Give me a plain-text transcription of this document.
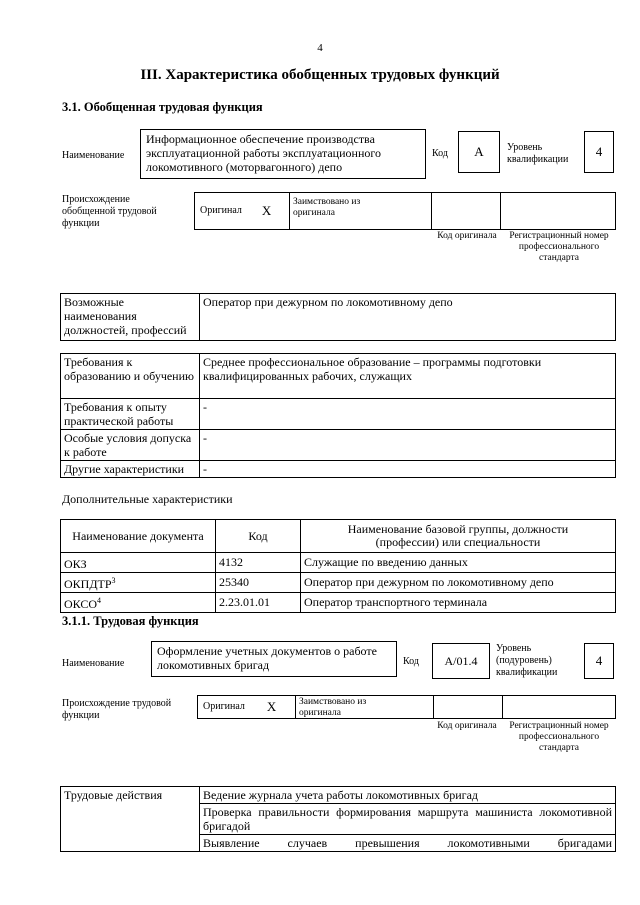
4
III. Характеристика обобщенных трудовых функций
3.1. Обобщенная трудовая функция
Наименование
Информационное обеспечение производства эксплуатационной работы эксплуатационного локомотивного (моторвагонного) депо
Код	А	Уровень квалификации
4
Происхождение обобщенной трудовой функции
Оригинал X
Заимствовано из оригинала
Код оригинала	Регистрационный номер профессионального стандарта
Возможные наименования должностей, профессий	Оператор при дежурном по локомотивному депо
Требования к образованию и обучению	Среднее профессиональное образование – программы подготовки квалифицированных рабочих, служащих
Требования к опыту практической работы	-
Особые условия допуска к работе	-
Другие характеристики	-
Дополнительные характеристики
Наименование документа	Код	Наименование базовой группы, должности (профессии) или специальности
ОКЗ	4132	Служащие по введению данных
ОКПДТР$^3$	25340	Оператор при дежурном по локомотивному депо
ОКСО$^4$	2.23.01.01	Оператор транспортного терминала
3.1.1. Трудовая функция
Наименование
Оформление учетных документов о работе локомотивных бригад	Код	A/01.4
Уровень (подуровень) квалификации
4
Происхождение трудовой функции
Оригинал X Заимствовано из оригинала
Код оригинала	Регистрационный номер профессионального стандарта
Трудовые действия	Ведение журнала учета работы локомотивных бригад
Проверка правильности формирования маршрута машиниста локомотивной бригадой
Выявление случаев превышения локомотивными бригадами
